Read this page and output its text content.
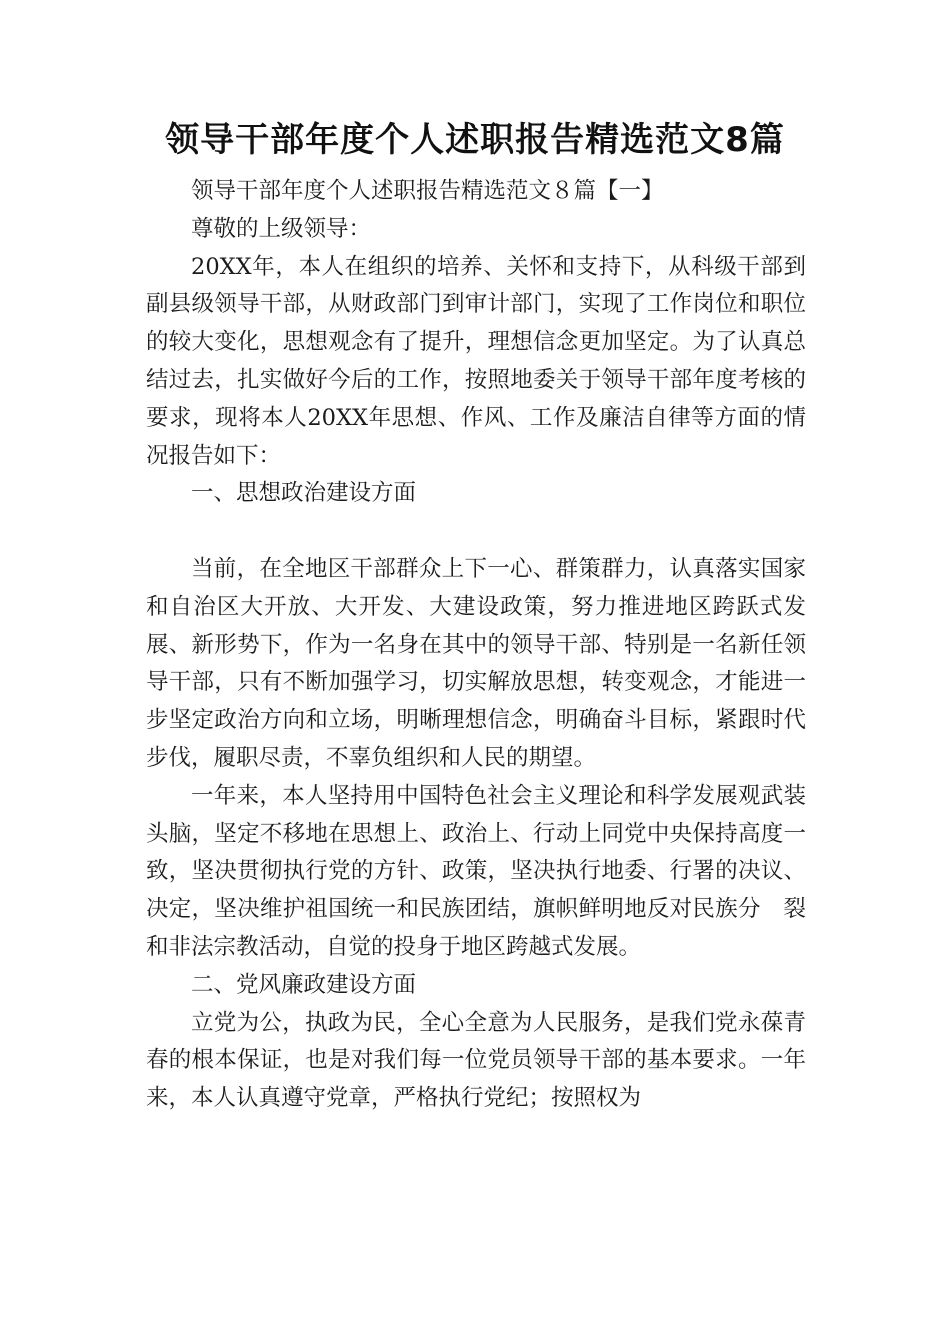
领导干部年度个人述职报告精选范文8篇

领导干部年度个人述职报告精选范文８篇【一】

尊敬的上级领导：

20XX年，本人在组织的培养、关怀和支持下，从科级干部到副县级领导干部，从财政部门到审计部门，实现了工作岗位和职位的较大变化，思想观念有了提升，理想信念更加坚定。为了认真总结过去，扎实做好今后的工作，按照地委关于领导干部年度考核的要求，现将本人20XX年思想、作风、工作及廉洁自律等方面的情况报告如下：

一、思想政治建设方面

当前，在全地区干部群众上下一心、群策群力，认真落实国家和自治区大开放、大开发、大建设政策，努力推进地区跨跃式发展、新形势下，作为一名身在其中的领导干部、特别是一名新任领导干部，只有不断加强学习，切实解放思想，转变观念，才能进一步坚定政治方向和立场，明晰理想信念，明确奋斗目标，紧跟时代步伐，履职尽责，不辜负组织和人民的期望。

一年来，本人坚持用中国特色社会主义理论和科学发展观武装头脑，坚定不移地在思想上、政治上、行动上同党中央保持高度一致，坚决贯彻执行党的方针、政策，坚决执行地委、行署的决议、决定，坚决维护祖国统一和民族团结，旗帜鲜明地反对民族分　裂和非法宗教活动，自觉的投身于地区跨越式发展。

二、党风廉政建设方面

立党为公，执政为民，全心全意为人民服务，是我们党永葆青春的根本保证，也是对我们每一位党员领导干部的基本要求。一年来，本人认真遵守党章，严格执行党纪；按照权为
